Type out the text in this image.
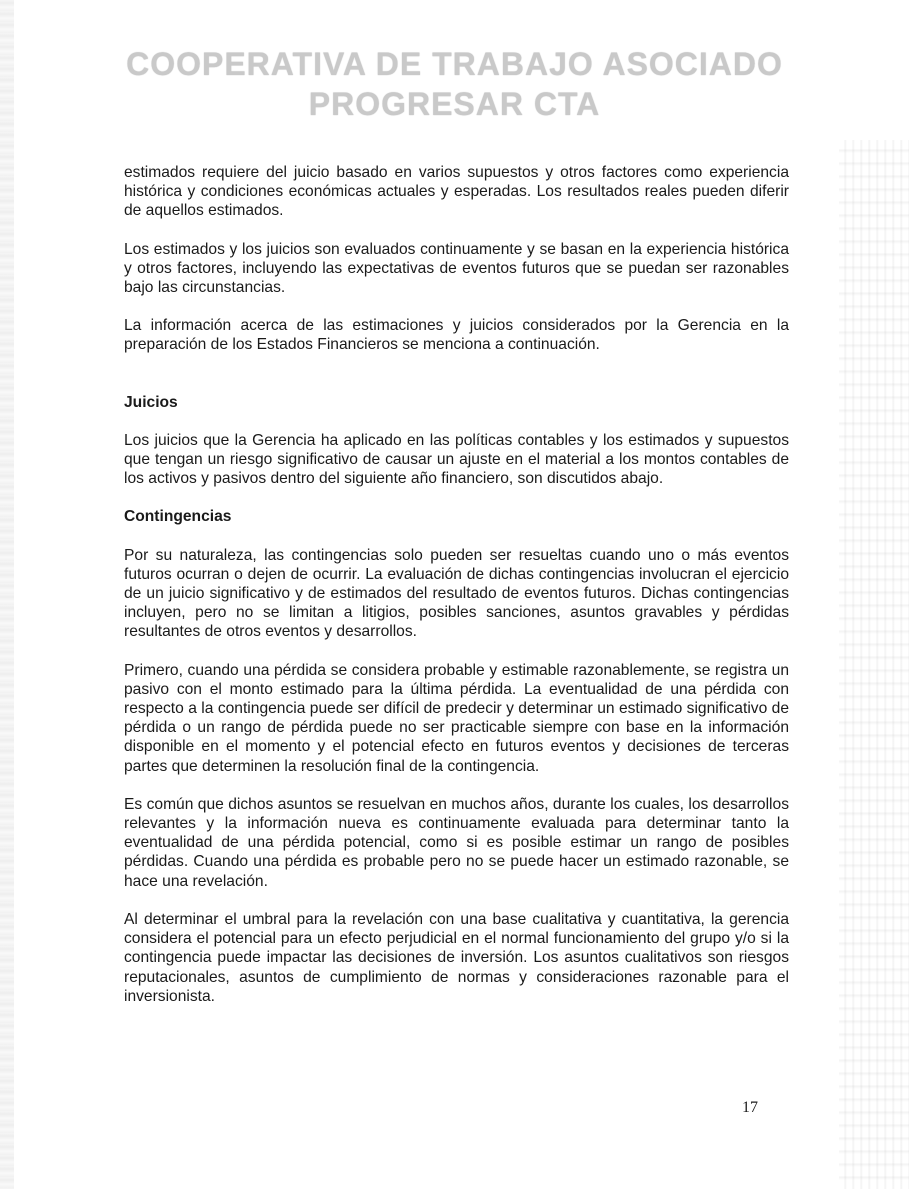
COOPERATIVA DE TRABAJO ASOCIADO
PROGRESAR CTA

estimados requiere del juicio basado en varios supuestos y otros factores como experiencia histórica y condiciones económicas actuales y esperadas. Los resultados reales pueden diferir de aquellos estimados.

Los estimados y los juicios son evaluados continuamente y se basan en la experiencia histórica y otros factores, incluyendo las expectativas de eventos futuros que se puedan ser razonables bajo las circunstancias.

La información acerca de las estimaciones y juicios considerados por la Gerencia en la preparación de los Estados Financieros se menciona a continuación.

Juicios

Los juicios que la Gerencia ha aplicado en las políticas contables y los estimados y supuestos que tengan un riesgo significativo de causar un ajuste en el material a los montos contables de los activos y pasivos dentro del siguiente año financiero, son discutidos abajo.

Contingencias

Por su naturaleza, las contingencias solo pueden ser resueltas cuando uno o más eventos futuros ocurran o dejen de ocurrir. La evaluación de dichas contingencias involucran el ejercicio de un juicio significativo y de estimados del resultado de eventos futuros. Dichas contingencias incluyen, pero no se limitan a litigios, posibles sanciones, asuntos gravables y pérdidas resultantes de otros eventos y desarrollos.

Primero, cuando una pérdida se considera probable y estimable razonablemente, se registra un pasivo con el monto estimado para la última pérdida. La eventualidad de una pérdida con respecto a la contingencia puede ser difícil de predecir y determinar un estimado significativo de pérdida o un rango de pérdida puede no ser practicable siempre con base en la información disponible en el momento y el potencial efecto en futuros eventos y decisiones de terceras partes que determinen la resolución final de la contingencia.

Es común que dichos asuntos se resuelvan en muchos años, durante los cuales, los desarrollos relevantes y la información nueva es continuamente evaluada para determinar tanto la eventualidad de una pérdida potencial, como si es posible estimar un rango de posibles pérdidas. Cuando una pérdida es probable pero no se puede hacer un estimado razonable, se hace una revelación.

Al determinar el umbral para la revelación con una base cualitativa y cuantitativa, la gerencia considera el potencial para un efecto perjudicial en el normal funcionamiento del grupo y/o si la contingencia puede impactar las decisiones de inversión. Los asuntos cualitativos son riesgos reputacionales, asuntos de cumplimiento de normas y consideraciones razonable para el inversionista.

17
